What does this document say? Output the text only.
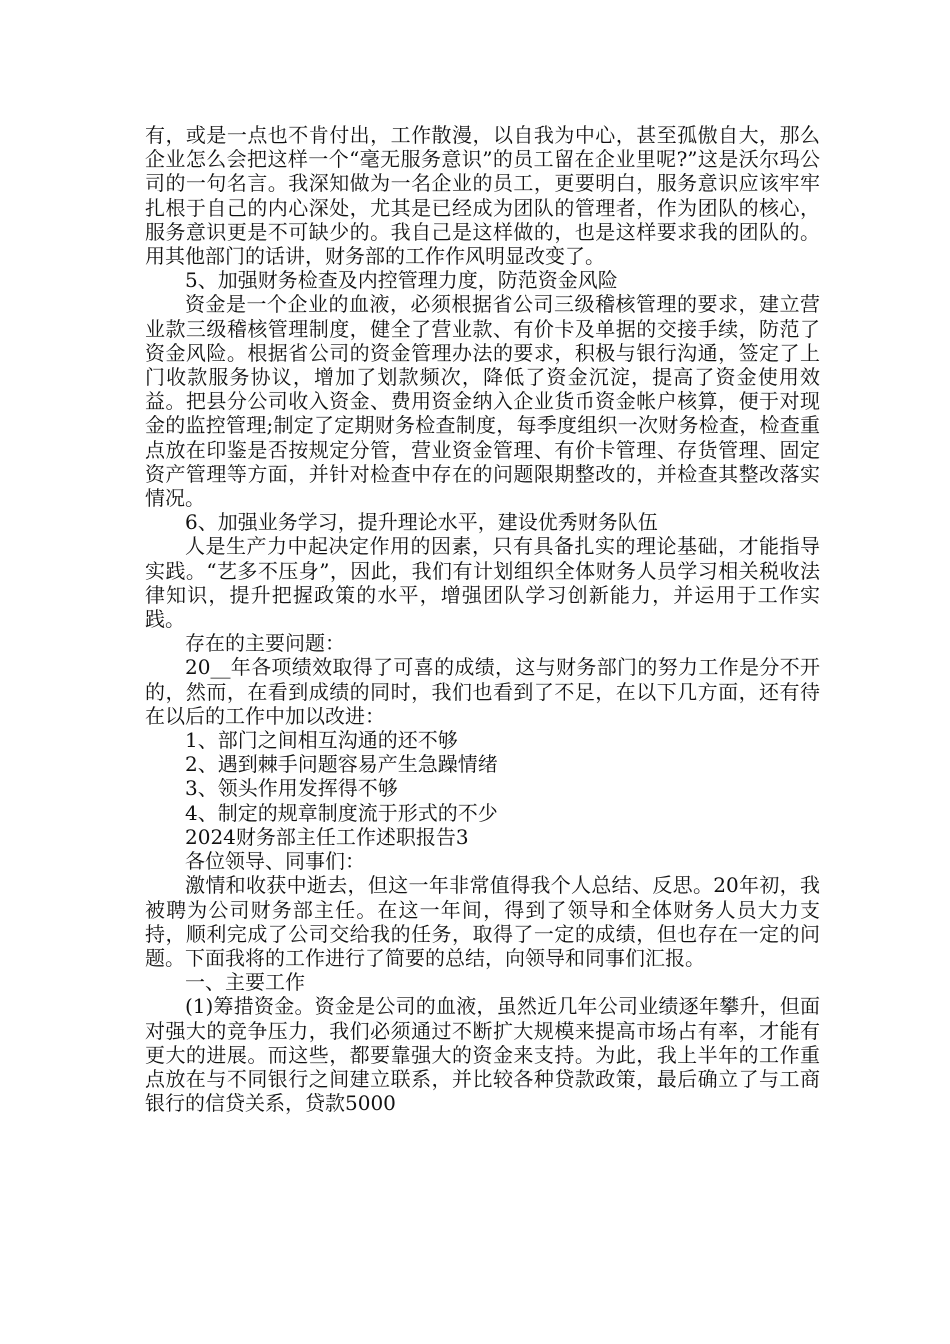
有，或是一点也不肯付出，工作散漫，以自我为中心，甚至孤傲自大，那么企业怎么会把这样一个“毫无服务意识”的员工留在企业里呢?”这是沃尔玛公司的一句名言。我深知做为一名企业的员工，更要明白，服务意识应该牢牢扎根于自己的内心深处，尤其是已经成为团队的管理者，作为团队的核心，服务意识更是不可缺少的。我自己是这样做的，也是这样要求我的团队的。用其他部门的话讲，财务部的工作作风明显改变了。

5、加强财务检查及内控管理力度，防范资金风险

资金是一个企业的血液，必须根据省公司三级稽核管理的要求，建立营业款三级稽核管理制度，健全了营业款、有价卡及单据的交接手续，防范了资金风险。根据省公司的资金管理办法的要求，积极与银行沟通，签定了上门收款服务协议，增加了划款频次，降低了资金沉淀，提高了资金使用效益。把县分公司收入资金、费用资金纳入企业货币资金帐户核算，便于对现金的监控管理;制定了定期财务检查制度，每季度组织一次财务检查，检查重点放在印鉴是否按规定分管，营业资金管理、有价卡管理、存货管理、固定资产管理等方面，并针对检查中存在的问题限期整改的，并检查其整改落实情况。

6、加强业务学习，提升理论水平，建设优秀财务队伍

人是生产力中起决定作用的因素，只有具备扎实的理论基础，才能指导实践。“艺多不压身”，因此，我们有计划组织全体财务人员学习相关税收法律知识，提升把握政策的水平，增强团队学习创新能力，并运用于工作实践。

存在的主要问题：

20__年各项绩效取得了可喜的成绩，这与财务部门的努力工作是分不开的，然而，在看到成绩的同时，我们也看到了不足，在以下几方面，还有待在以后的工作中加以改进：

1、部门之间相互沟通的还不够

2、遇到棘手问题容易产生急躁情绪

3、领头作用发挥得不够

4、制定的规章制度流于形式的不少

2024财务部主任工作述职报告3

各位领导、同事们：

激情和收获中逝去，但这一年非常值得我个人总结、反思。20年初，我被聘为公司财务部主任。在这一年间，得到了领导和全体财务人员大力支持，顺利完成了公司交给我的任务，取得了一定的成绩，但也存在一定的问题。下面我将的工作进行了简要的总结，向领导和同事们汇报。

一、主要工作

(1)筹措资金。资金是公司的血液，虽然近几年公司业绩逐年攀升，但面对强大的竞争压力，我们必须通过不断扩大规模来提高市场占有率，才能有更大的进展。而这些，都要靠强大的资金来支持。为此，我上半年的工作重点放在与不同银行之间建立联系，并比较各种贷款政策，最后确立了与工商银行的信贷关系，贷款5000
